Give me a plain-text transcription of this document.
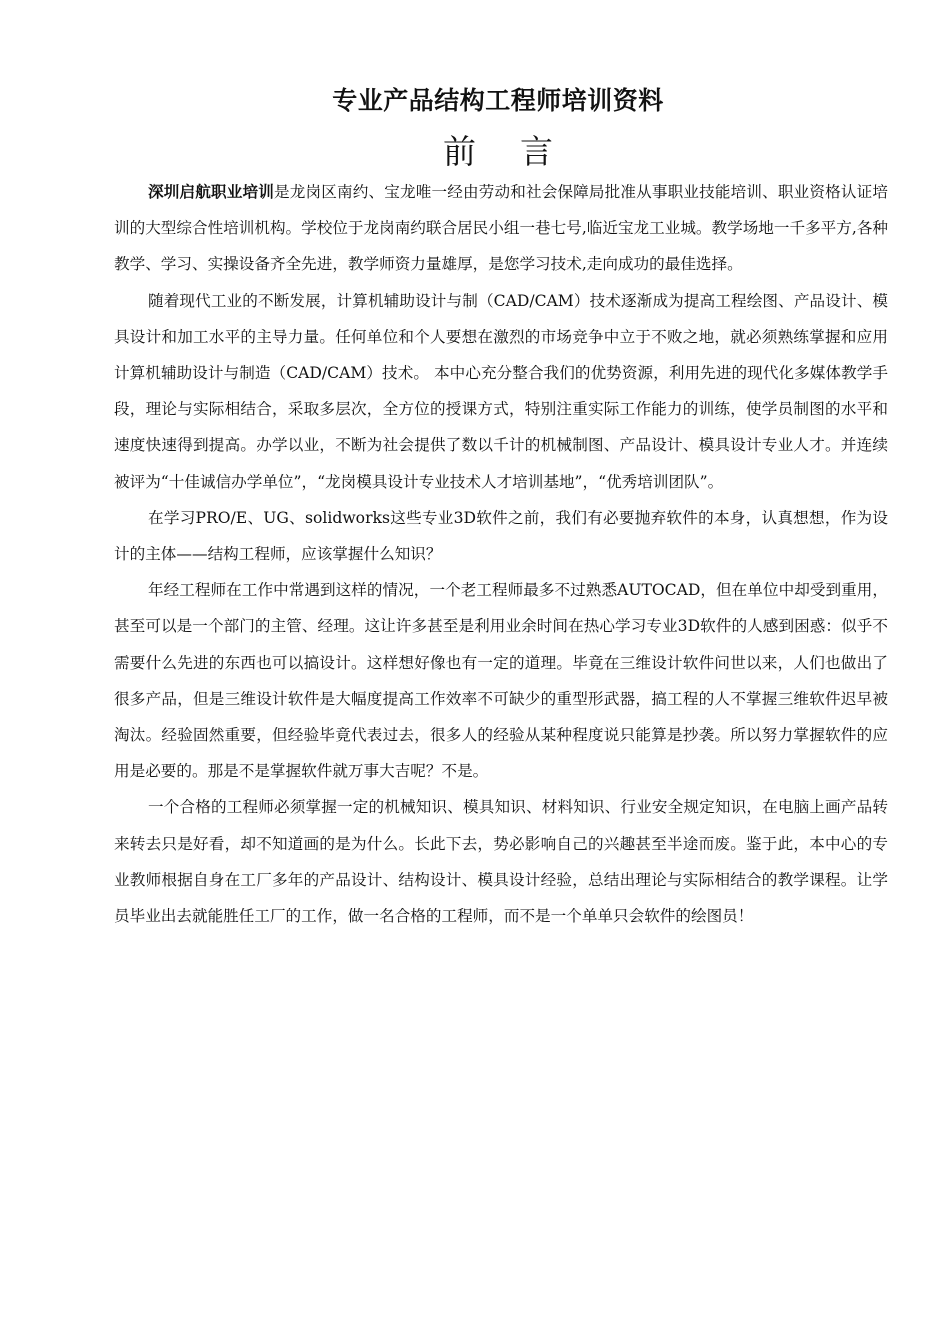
专业产品结构工程师培训资料
前 言

深圳启航职业培训是龙岗区南约、宝龙唯一经由劳动和社会保障局批准从事职业技能培训、职业资格认证培训的大型综合性培训机构。学校位于龙岗南约联合居民小组一巷七号,临近宝龙工业城。教学场地一千多平方,各种教学、学习、实操设备齐全先进，教学师资力量雄厚，是您学习技术,走向成功的最佳选择。

随着现代工业的不断发展，计算机辅助设计与制（CAD/CAM）技术逐渐成为提高工程绘图、产品设计、模具设计和加工水平的主导力量。任何单位和个人要想在激烈的市场竞争中立于不败之地，就必须熟练掌握和应用计算机辅助设计与制造（CAD/CAM）技术。 本中心充分整合我们的优势资源，利用先进的现代化多媒体教学手段，理论与实际相结合，采取多层次，全方位的授课方式，特别注重实际工作能力的训练，使学员制图的水平和速度快速得到提高。办学以业，不断为社会提供了数以千计的机械制图、产品设计、模具设计专业人才。并连续被评为“十佳诚信办学单位”，“龙岗模具设计专业技术人才培训基地”，“优秀培训团队”。

在学习PRO/E、UG、solidworks这些专业3D软件之前，我们有必要抛弃软件的本身，认真想想，作为设计的主体——结构工程师，应该掌握什么知识？

年经工程师在工作中常遇到这样的情况，一个老工程师最多不过熟悉AUTOCAD，但在单位中却受到重用，甚至可以是一个部门的主管、经理。这让许多甚至是利用业余时间在热心学习专业3D软件的人感到困惑：似乎不需要什么先进的东西也可以搞设计。这样想好像也有一定的道理。毕竟在三维设计软件问世以来，人们也做出了很多产品，但是三维设计软件是大幅度提高工作效率不可缺少的重型形武器，搞工程的人不掌握三维软件迟早被淘汰。经验固然重要，但经验毕竟代表过去，很多人的经验从某种程度说只能算是抄袭。所以努力掌握软件的应用是必要的。那是不是掌握软件就万事大吉呢？不是。

一个合格的工程师必须掌握一定的机械知识、模具知识、材料知识、行业安全规定知识，在电脑上画产品转来转去只是好看，却不知道画的是为什么。长此下去，势必影响自己的兴趣甚至半途而废。鉴于此，本中心的专业教师根据自身在工厂多年的产品设计、结构设计、模具设计经验，总结出理论与实际相结合的教学课程。让学员毕业出去就能胜任工厂的工作，做一名合格的工程师，而不是一个单单只会软件的绘图员！
